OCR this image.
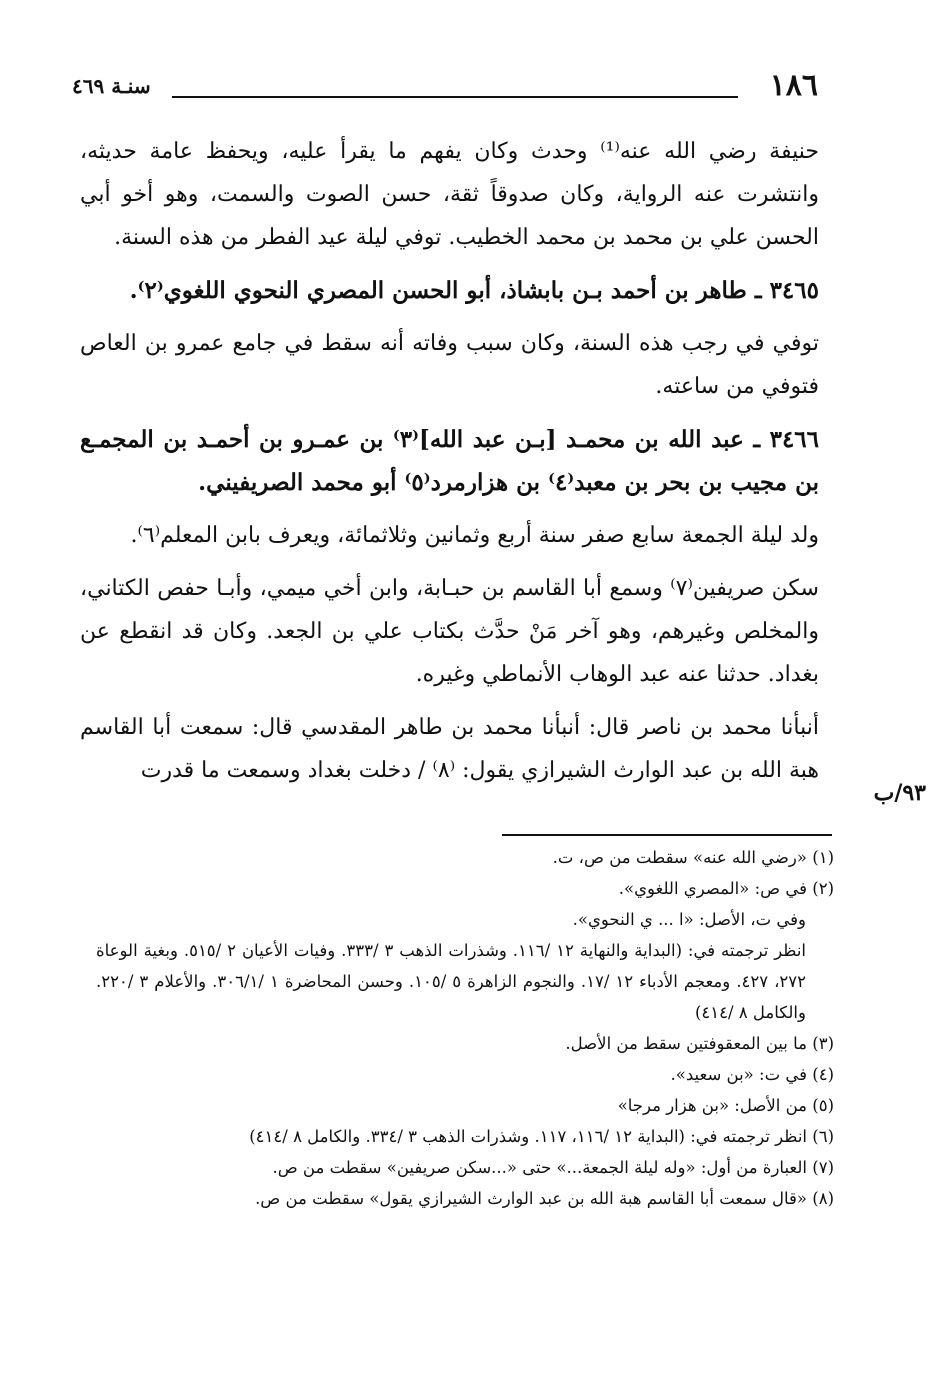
١٨٦
سنـة ٤٦٩

حنيفة رضي الله عنه⁽¹⁾ وحدث وكان يفهم ما يقرأ عليه، ويحفظ عامة حديثه، وانتشرت عنه الرواية، وكان صدوقاً ثقة، حسن الصوت والسمت، وهو أخو أبي الحسن علي بن محمد بن محمد الخطيب. توفي ليلة عيد الفطر من هذه السنة.

٣٤٦٥ ـ طاهر بن أحمد بـن بابشاذ، أبو الحسن المصري النحوي اللغوي⁽٢⁾.

توفي في رجب هذه السنة، وكان سبب وفاته أنه سقط في جامع عمرو بن العاص فتوفي من ساعته.

٣٤٦٦ ـ عبد الله بن محمـد [بـن عبد الله]⁽٣⁾ بن عمـرو بن أحمـد بن المجمـع بن مجيب بن بحر بن معبد⁽٤⁾ بن هزارمرد⁽٥⁾ أبو محمد الصريفيني.

ولد ليلة الجمعة سابع صفر سنة أربع وثمانين وثلاثمائة، ويعرف بابن المعلم⁽٦⁾.

سكن صريفين⁽٧⁾ وسمع أبا القاسم بن حبـابة، وابن أخي ميمي، وأبـا حفص الكتاني، والمخلص وغيرهم، وهو آخر مَنْ حدَّث بكتاب علي بن الجعد. وكان قد انقطع عن بغداد. حدثنا عنه عبد الوهاب الأنماطي وغيره.

أنبأنا محمد بن ناصر قال: أنبأنا محمد بن طاهر المقدسي قال: سمعت أبا القاسم هبة الله بن عبد الوارث الشيرازي يقول: ⁽٨⁾ / دخلت بغداد وسمعت ما قدرت

٩٣/ب

(١) «رضي الله عنه» سقطت من ص، ت.

(٢) في ص: «المصري اللغوي».

وفي ت، الأصل: «ا ... ي النحوي».

انظر ترجمته في: (البداية والنهاية ١٢ /١١٦. وشذرات الذهب ٣ /٣٣٣. وفيات الأعيان ٢ /٥١٥. وبغية الوعاة ٢٧٢، ٤٢٧. ومعجم الأدباء ١٢ /١٧. والنجوم الزاهرة ٥ /١٠٥. وحسن المحاضرة ١ /٣٠٦/١. والأعلام ٣ /٢٢٠. والكامل ٨ /٤١٤)

(٣) ما بين المعقوفتين سقط من الأصل.

(٤) في ت: «بن سعيد».

(٥) من الأصل: «بن هزار مرجا»

(٦) انظر ترجمته في: (البداية ١٢ /١١٦، ١١٧. وشذرات الذهب ٣ /٣٣٤. والكامل ٨ /٤١٤)

(٧) العبارة من أول: «وله ليلة الجمعة...» حتى «...سكن صريفين» سقطت من ص.

(٨) «قال سمعت أبا القاسم هبة الله بن عبد الوارث الشيرازي يقول» سقطت من ص.
